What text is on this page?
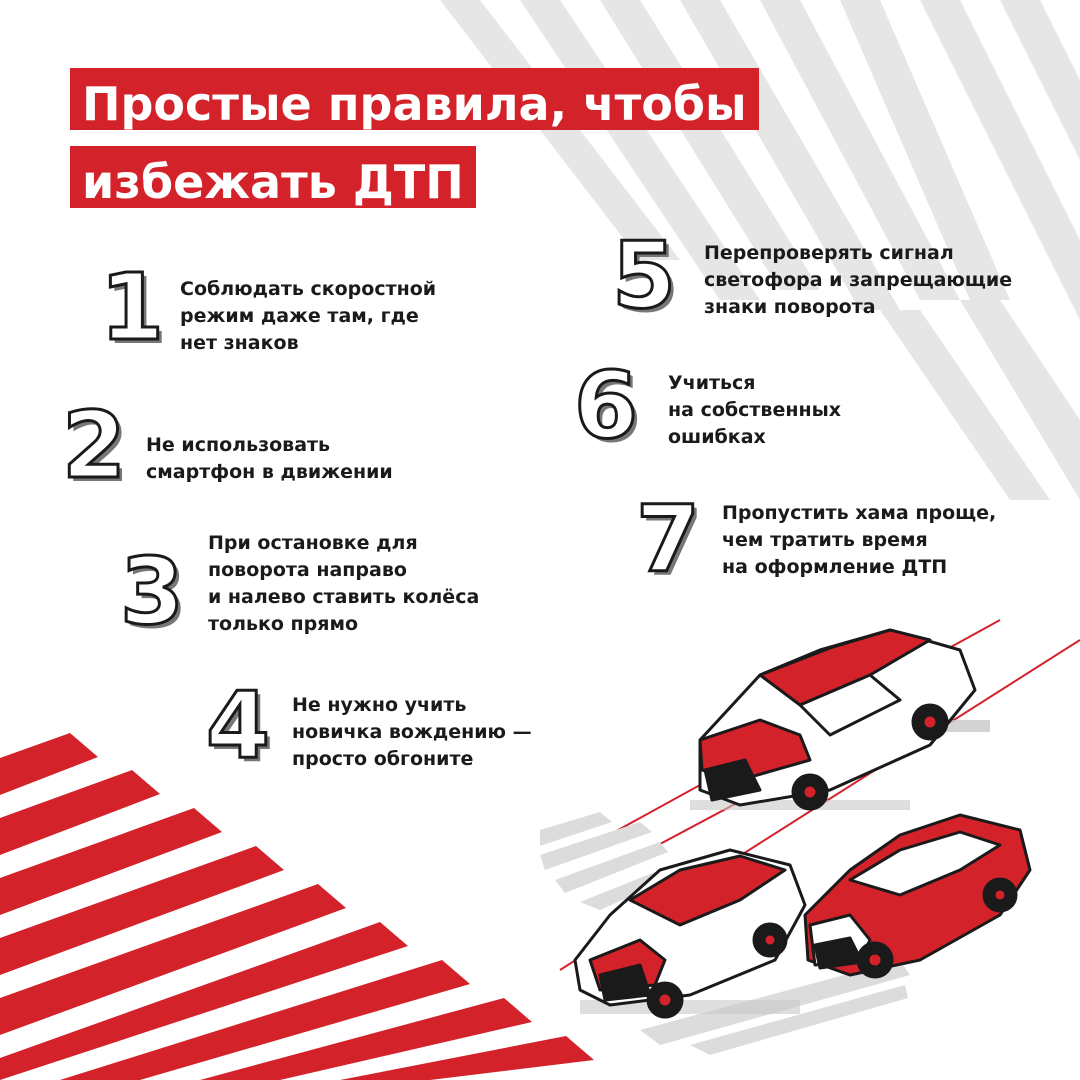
Простые правила, чтобы
избежать ДТП
1 Соблюдать скоростной
режим даже там, где
нет знаков
2 Не использовать
смартфон в движении
3 При остановке для
поворота направо
и налево ставить колёса
только прямо
4 Не нужно учить
новичка вождению —
просто обгоните
5 Перепроверять сигнал
светофора и запрещающие
знаки поворота
6 Учиться
на собственных
ошибках
7 Пропустить хама проще,
чем тратить время
на оформление ДТП
